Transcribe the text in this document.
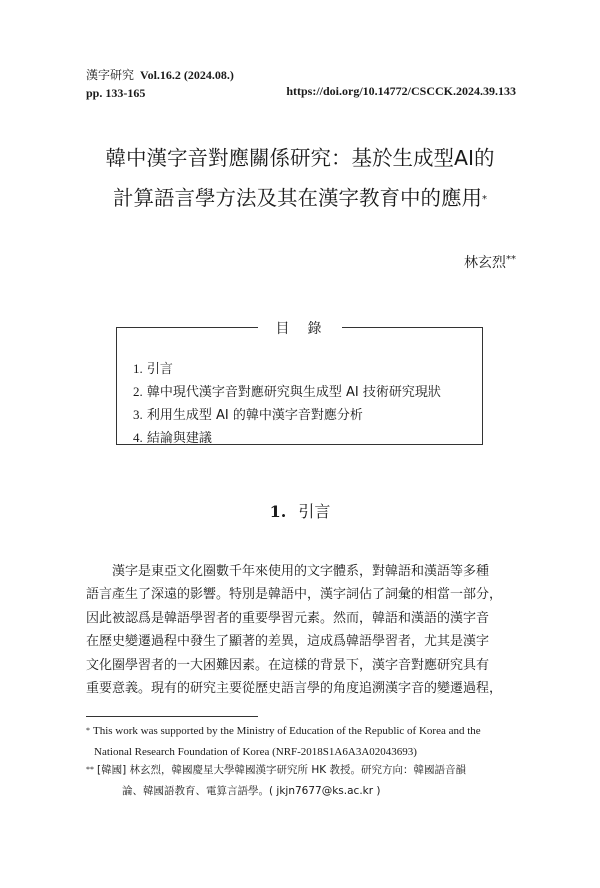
漢字研究 Vol.16.2 (2024.08.)
pp. 133-165	https://doi.org/10.14772/CSCCK.2024.39.133
韓中漢字音對應關係研究：基於生成型AI的
計算語言學方法及其在漢字教育中的應用*
林玄烈**
目　錄
1. 引言
2. 韓中現代漢字音對應研究與生成型 AI 技術研究現狀
3. 利用生成型 AI 的韓中漢字音對應分析
4. 結論與建議
1. 引言
漢字是東亞文化圈數千年來使用的文字體系，對韓語和漢語等多種
語言產生了深遠的影響。特別是韓語中，漢字詞佔了詞彙的相當一部分，
因此被認爲是韓語學習者的重要學習元素。然而，韓語和漢語的漢字音
在歷史變遷過程中發生了顯著的差異，這成爲韓語學習者，尤其是漢字
文化圈學習者的一大困難因素。在這樣的背景下，漢字音對應研究具有
重要意義。現有的研究主要從歷史語言學的角度追溯漢字音的變遷過程，
* This work was supported by the Ministry of Education of the Republic of Korea and the
National Research Foundation of Korea (NRF-2018S1A6A3A02043693)
** [韓國] 林玄烈，韓國慶星大學韓國漢字研究所 HK 教授。研究方向：韓國語音韻
論、韓國語教育、電算言語學。( jkjn7677@ks.ac.kr )
